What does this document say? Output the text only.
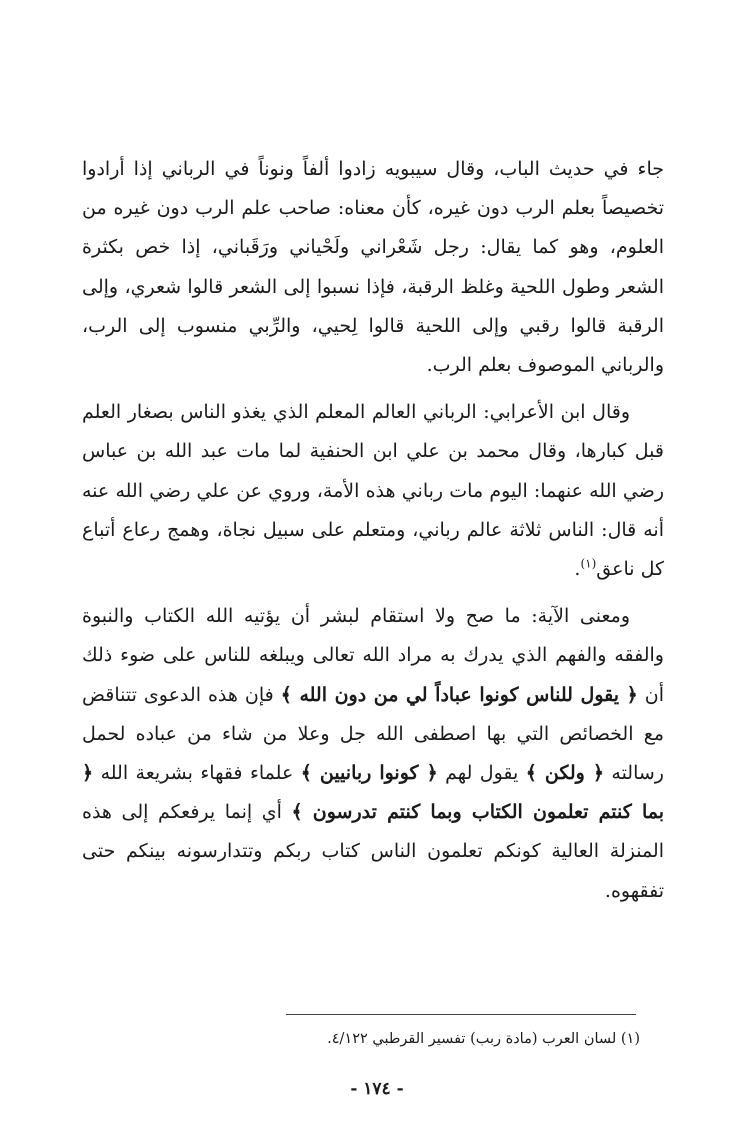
جاء في حديث الباب، وقال سيبويه زادوا ألفاً ونوناً في الرباني إذا أرادوا تخصيصاً بعلم الرب دون غيره، كأن معناه: صاحب علم الرب دون غيره من العلوم، وهو كما يقال: رجل شَعْراني ولَحْياني ورَقَباني، إذا خص بكثرة الشعر وطول اللحية وغلظ الرقبة، فإذا نسبوا إلى الشعر قالوا شعري، وإلى الرقبة قالوا رقبي وإلى اللحية قالوا لِحيي، والرِّبي منسوب إلى الرب، والرباني الموصوف بعلم الرب.

وقال ابن الأعرابي: الرباني العالم المعلم الذي يغذو الناس بصغار العلم قبل كبارها، وقال محمد بن علي ابن الحنفية لما مات عبد الله بن عباس رضي الله عنهما: اليوم مات رباني هذه الأمة، وروي عن علي رضي الله عنه أنه قال: الناس ثلاثة عالم رباني، ومتعلم على سبيل نجاة، وهمج رعاع أتباع كل ناعق$^{(١)}$.

ومعنى الآية: ما صح ولا استقام لبشر أن يؤتيه الله الكتاب والنبوة والفقه والفهم الذي يدرك به مراد الله تعالى ويبلغه للناس على ضوء ذلك أن ﴿ يقول للناس كونوا عباداً لي من دون الله ﴾ فإن هذه الدعوى تتناقض مع الخصائص التي بها اصطفى الله جل وعلا من شاء من عباده لحمل رسالته ﴿ ولكن ﴾ يقول لهم ﴿ كونوا ربانيين ﴾ علماء فقهاء بشريعة الله ﴿ بما كنتم تعلمون الكتاب وبما كنتم تدرسون ﴾ أي إنما يرفعكم إلى هذه المنزلة العالية كونكم تعلمون الناس كتاب ربكم وتتدارسونه بينكم حتى تفقهوه.

(١) لسان العرب (مادة ربب) تفسير القرطبي ٤/١٢٢.
- ١٧٤ -
